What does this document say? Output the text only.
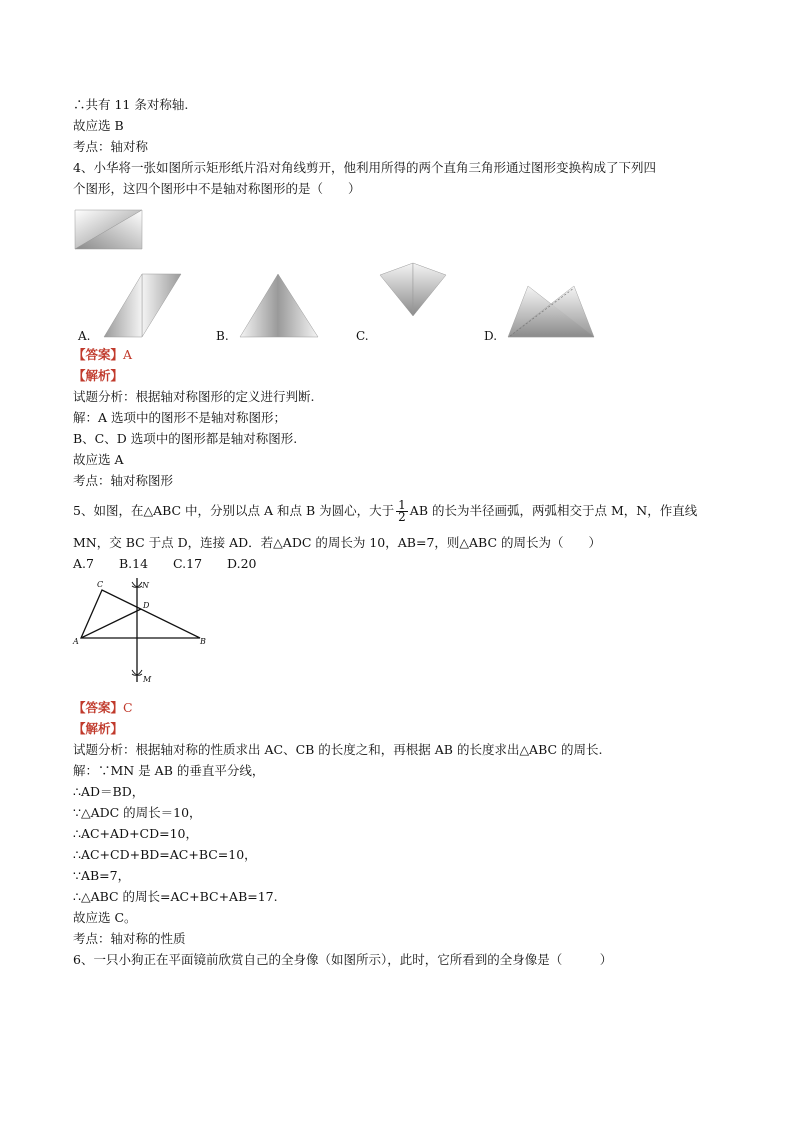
∴共有 11 条对称轴.
故应选 B
考点：轴对称
4、小华将一张如图所示矩形纸片沿对角线剪开，他利用所得的两个直角三角形通过图形变换构成了下列四
个图形，这四个图形中不是轴对称图形的是（　　）
A.	B.	C.	D.
【答案】A
【解析】
试题分析：根据轴对称图形的定义进行判断.
解：A 选项中的图形不是轴对称图形；
B、C、D 选项中的图形都是轴对称图形.
故应选 A
考点：轴对称图形
5、如图，在△ABC 中，分别以点 A 和点 B 为圆心，大于 $\frac{1}{2}$ AB 的长为半径画弧，两弧相交于点 M，N，作直线
MN，交 BC 于点 D，连接 AD．若△ADC 的周长为 10，AB=7，则△ABC 的周长为（　　）
A.7　　B.14　　C.17　　D.20
C	N
D
A	B
M
【答案】C
【解析】
试题分析：根据轴对称的性质求出 AC、CB 的长度之和，再根据 AB 的长度求出△ABC 的周长.
解：∵MN 是 AB 的垂直平分线，
∴AD＝BD，
∵△ADC 的周长＝10，
∴AC+AD+CD=10，
∴AC+CD+BD=AC+BC=10，
∵AB=7，
∴△ABC 的周长=AC+BC+AB=17.
故应选 C。
考点：轴对称的性质
6、一只小狗正在平面镜前欣赏自己的全身像（如图所示），此时，它所看到的全身像是（　　　）
